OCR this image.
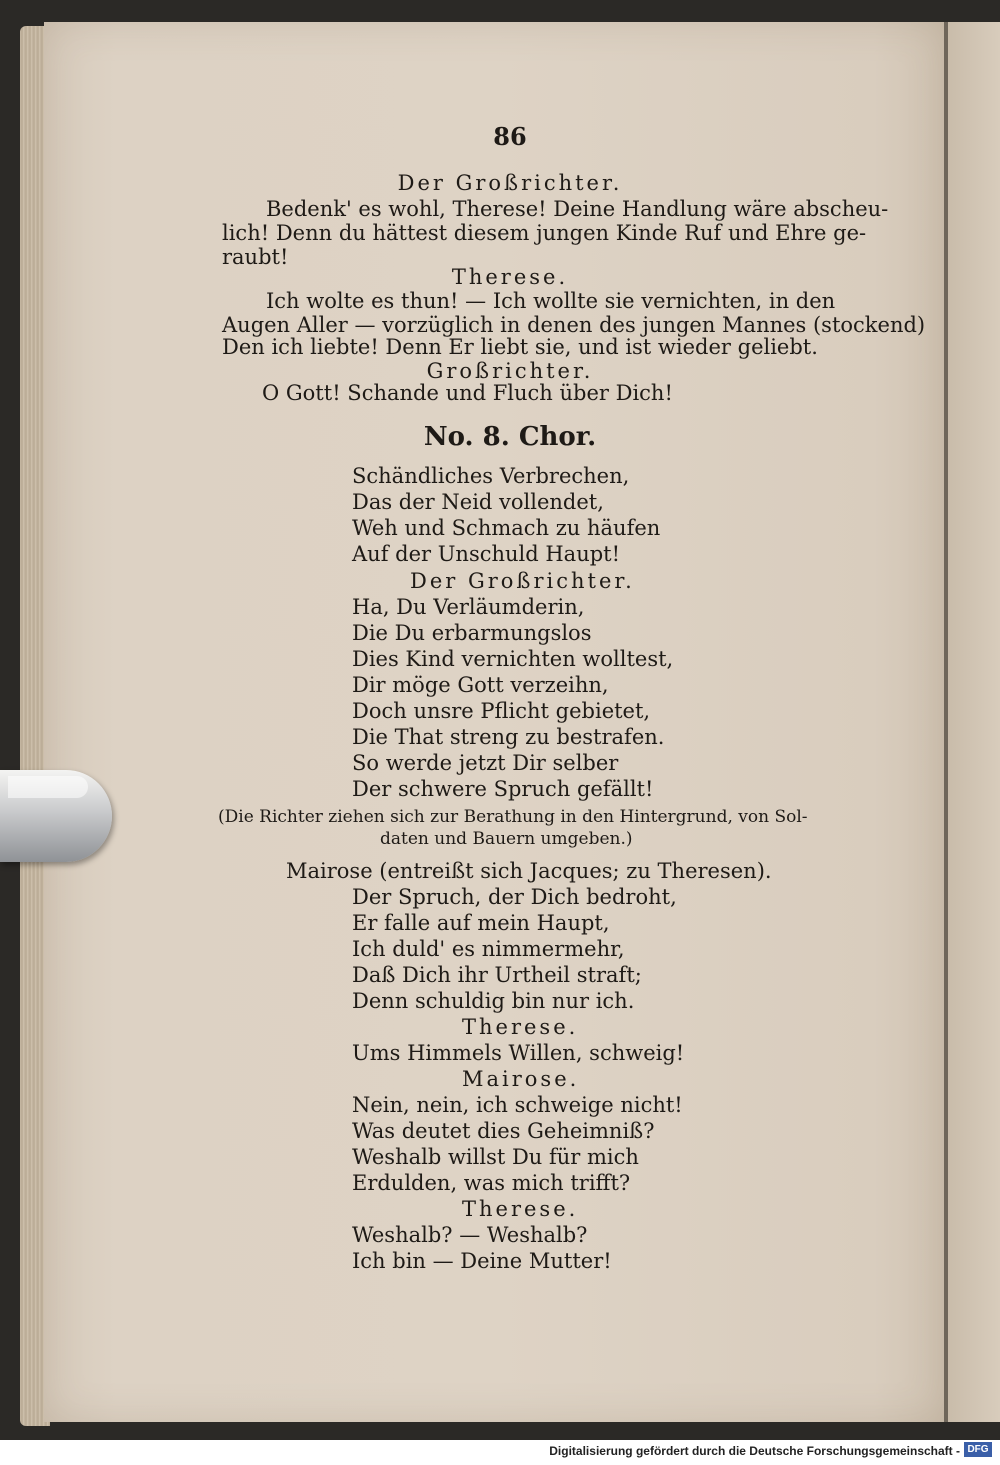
86
Der Großrichter.
Bedenk' es wohl, Therese! Deine Handlung wäre abscheu-
lich! Denn du hättest diesem jungen Kinde Ruf und Ehre ge-
raubt!
Therese.
Ich wolte es thun! — Ich wollte sie vernichten, in den
Augen Aller — vorzüglich in denen des jungen Mannes (stockend)
Den ich liebte! Denn Er liebt sie, und ist wieder geliebt.
Großrichter.
O Gott! Schande und Fluch über Dich!
No. 8. Chor.
Schändliches Verbrechen,
Das der Neid vollendet,
Weh und Schmach zu häufen
Auf der Unschuld Haupt!
Der Großrichter.
Ha, Du Verläumderin,
Die Du erbarmungslos
Dies Kind vernichten wolltest,
Dir möge Gott verzeihn,
Doch unsre Pflicht gebietet,
Die That streng zu bestrafen.
So werde jetzt Dir selber
Der schwere Spruch gefällt!
(Die Richter ziehen sich zur Berathung in den Hintergrund, von Sol-
daten und Bauern umgeben.)
Mairose (entreißt sich Jacques; zu Theresen).
Der Spruch, der Dich bedroht,
Er falle auf mein Haupt,
Ich duld' es nimmermehr,
Daß Dich ihr Urtheil straft;
Denn schuldig bin nur ich.
Therese.
Ums Himmels Willen, schweig!
Mairose.
Nein, nein, ich schweige nicht!
Was deutet dies Geheimniß?
Weshalb willst Du für mich
Erdulden, was mich trifft?
Therese.
Weshalb? — Weshalb?
Ich bin — Deine Mutter!
Digitalisierung gefördert durch die Deutsche Forschungsgemeinschaft - DFG
